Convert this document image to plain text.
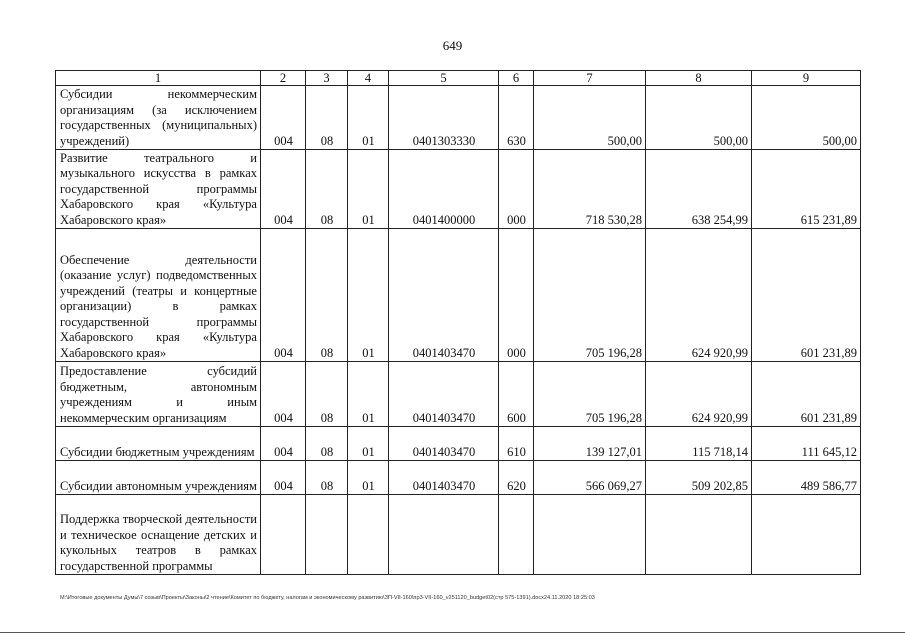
649
1	2	3	4	5	6	7	8	9
Субсидии некоммерческим организациям (за исключением государственных (муниципальных) учреждений)	004	08	01	0401303330	630	500,00	500,00	500,00
Развитие театрального и музыкального искусства в рамках государственной программы Хабаровского края «Культура Хабаровского края»	004	08	01	0401400000	000	718 530,28	638 254,99	615 231,89
Обеспечение деятельности (оказание услуг) подведомственных учреждений (театры и концертные организации) в рамках государственной программы Хабаровского края «Культура Хабаровского края»	004	08	01	0401403470	000	705 196,28	624 920,99	601 231,89
Предоставление субсидий бюджетным, автономным учреждениям и иным некоммерческим организациям	004	08	01	0401403470	600	705 196,28	624 920,99	601 231,89
Субсидии бюджетным учреждениям	004	08	01	0401403470	610	139 127,01	115 718,14	111 645,12
Субсидии автономным учреждениям	004	08	01	0401403470	620	566 069,27	509 202,85	489 586,77
Поддержка творческой деятельности и техническое оснащение детских и кукольных театров в рамках государственной программы								
M:\Итоговые документы Думы\7 созыв\Проекты\Законы\2 чтение\Комитет по бюджету, налогам и экономическому развитию\ЗП-VII-160\пр3-VII-160_v251120_budget02(стр 575-1391).docx24.11.2020 18:25:03
